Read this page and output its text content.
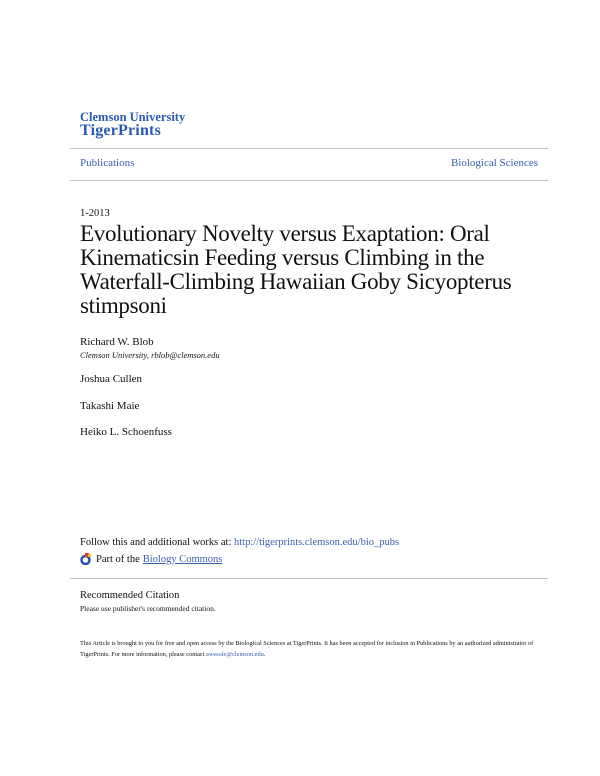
Clemson University
TigerPrints
Publications	Biological Sciences
1-2013
Evolutionary Novelty versus Exaptation: Oral Kinematicsin Feeding versus Climbing in the Waterfall-Climbing Hawaiian Goby Sicyopterus stimpsoni
Richard W. Blob
Clemson University, rblob@clemson.edu
Joshua Cullen
Takashi Maie
Heiko L. Schoenfuss
Follow this and additional works at: http://tigerprints.clemson.edu/bio_pubs
Part of the Biology Commons
Recommended Citation
Please use publisher's recommended citation.
This Article is brought to you for free and open access by the Biological Sciences at TigerPrints. It has been accepted for inclusion in Publications by an authorized administrator of TigerPrints. For more information, please contact awesole@clemson.edu.
